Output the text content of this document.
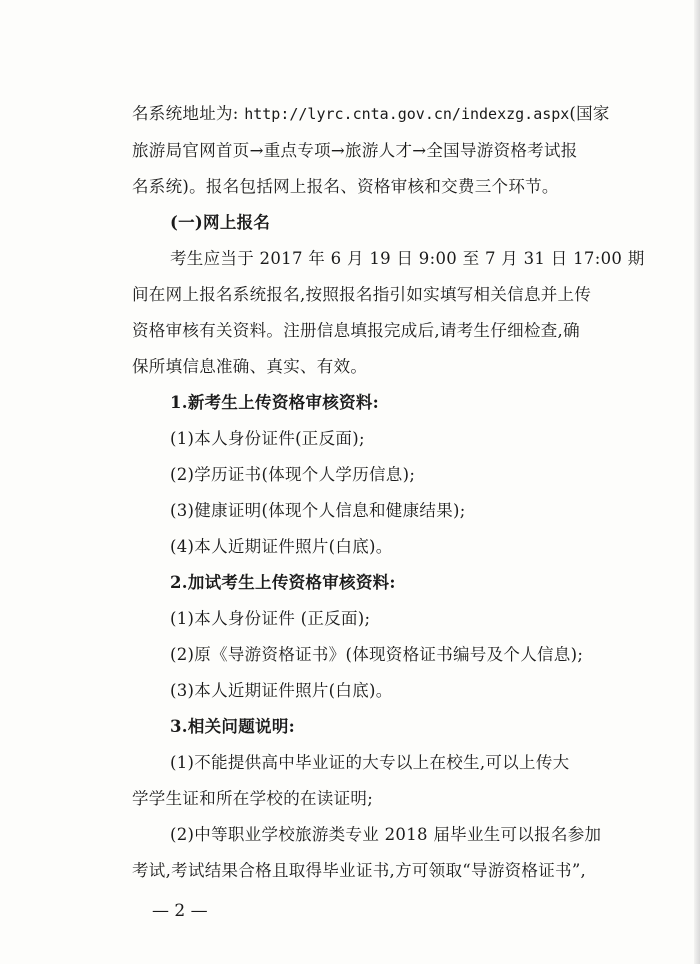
名系统地址为: http://lyrc.cnta.gov.cn/indexzg.aspx(国家
旅游局官网首页→重点专项→旅游人才→全国导游资格考试报
名系统)。报名包括网上报名、资格审核和交费三个环节。
(一)网上报名
考生应当于 2017 年 6 月 19 日 9:00 至 7 月 31 日 17:00 期
间在网上报名系统报名,按照报名指引如实填写相关信息并上传
资格审核有关资料。注册信息填报完成后,请考生仔细检查,确
保所填信息准确、真实、有效。
1.新考生上传资格审核资料:
(1)本人身份证件(正反面);
(2)学历证书(体现个人学历信息);
(3)健康证明(体现个人信息和健康结果);
(4)本人近期证件照片(白底)。
2.加试考生上传资格审核资料:
(1)本人身份证件 (正反面);
(2)原《导游资格证书》(体现资格证书编号及个人信息);
(3)本人近期证件照片(白底)。
3.相关问题说明:
(1)不能提供高中毕业证的大专以上在校生,可以上传大
学学生证和所在学校的在读证明;
(2)中等职业学校旅游类专业 2018 届毕业生可以报名参加
考试,考试结果合格且取得毕业证书,方可领取“导游资格证书”,
— 2 —
